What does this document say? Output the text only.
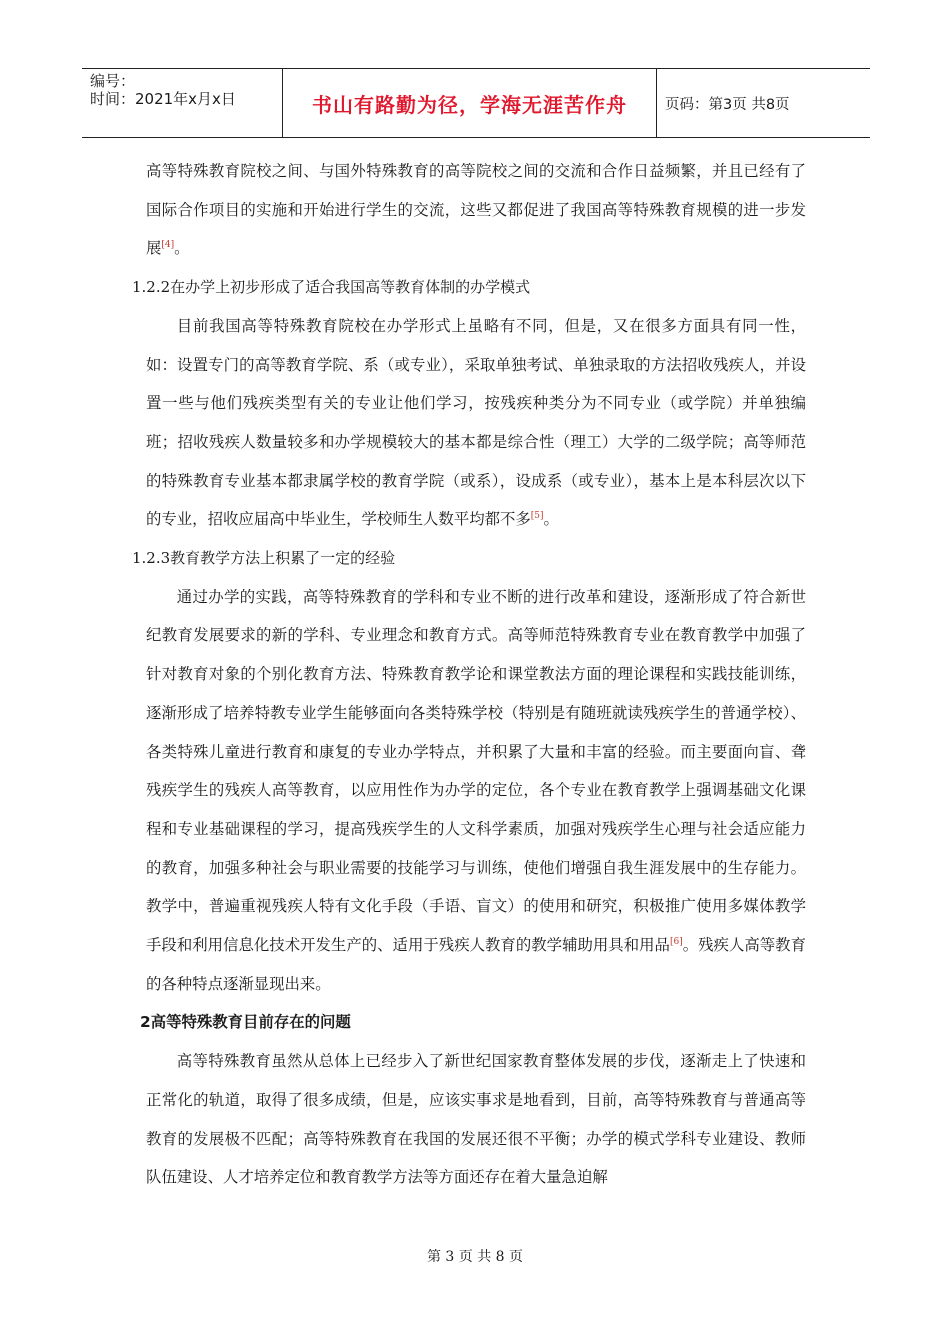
编号：
时间：2021年x月x日	书山有路勤为径，学海无涯苦作舟	页码：第3页 共8页

高等特殊教育院校之间、与国外特殊教育的高等院校之间的交流和合作日益频繁，并且已经有了国际合作项目的实施和开始进行学生的交流，这些又都促进了我国高等特殊教育规模的进一步发展[4]。

1.2.2在办学上初步形成了适合我国高等教育体制的办学模式

目前我国高等特殊教育院校在办学形式上虽略有不同，但是，又在很多方面具有同一性，如：设置专门的高等教育学院、系（或专业），采取单独考试、单独录取的方法招收残疾人，并设置一些与他们残疾类型有关的专业让他们学习，按残疾种类分为不同专业（或学院）并单独编班；招收残疾人数量较多和办学规模较大的基本都是综合性（理工）大学的二级学院；高等师范的特殊教育专业基本都隶属学校的教育学院（或系），设成系（或专业），基本上是本科层次以下的专业，招收应届高中毕业生，学校师生人数平均都不多[5]。

1.2.3教育教学方法上积累了一定的经验

通过办学的实践，高等特殊教育的学科和专业不断的进行改革和建设，逐渐形成了符合新世纪教育发展要求的新的学科、专业理念和教育方式。高等师范特殊教育专业在教育教学中加强了针对教育对象的个别化教育方法、特殊教育教学论和课堂教法方面的理论课程和实践技能训练，逐渐形成了培养特教专业学生能够面向各类特殊学校（特别是有随班就读残疾学生的普通学校）、各类特殊儿童进行教育和康复的专业办学特点，并积累了大量和丰富的经验。而主要面向盲、聋残疾学生的残疾人高等教育，以应用性作为办学的定位，各个专业在教育教学上强调基础文化课程和专业基础课程的学习，提高残疾学生的人文科学素质，加强对残疾学生心理与社会适应能力的教育，加强多种社会与职业需要的技能学习与训练，使他们增强自我生涯发展中的生存能力。教学中，普遍重视残疾人特有文化手段（手语、盲文）的使用和研究，积极推广使用多媒体教学手段和利用信息化技术开发生产的、适用于残疾人教育的教学辅助用具和用品[6]。残疾人高等教育的各种特点逐渐显现出来。

2高等特殊教育目前存在的问题

高等特殊教育虽然从总体上已经步入了新世纪国家教育整体发展的步伐，逐渐走上了快速和正常化的轨道，取得了很多成绩，但是，应该实事求是地看到，目前，高等特殊教育与普通高等教育的发展极不匹配；高等特殊教育在我国的发展还很不平衡；办学的模式学科专业建设、教师队伍建设、人才培养定位和教育教学方法等方面还存在着大量急迫解

第 3 页 共 8 页
